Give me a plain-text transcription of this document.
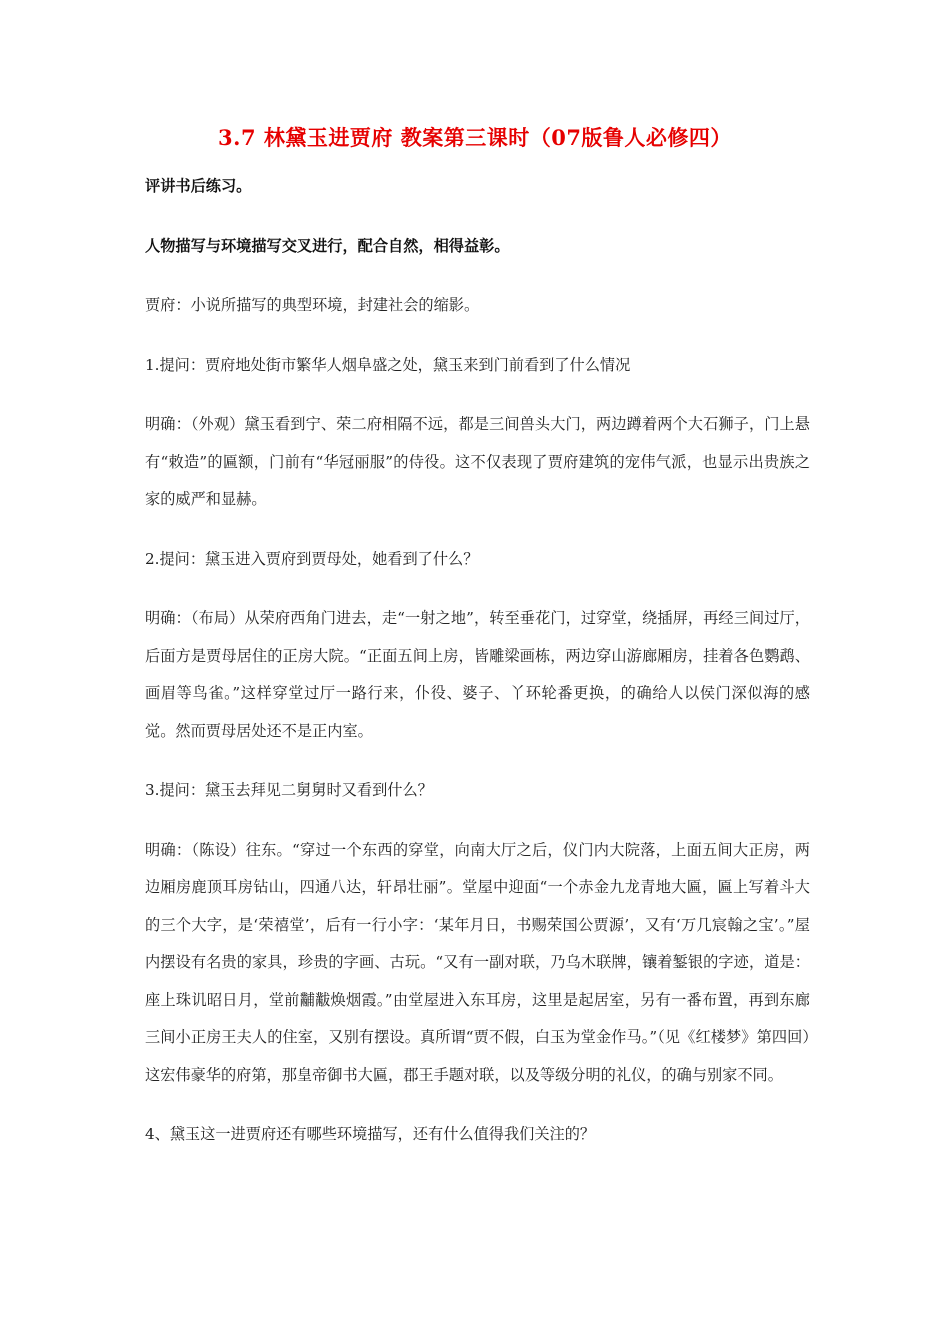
3.7 林黛玉进贾府 教案第三课时（07版鲁人必修四）

评讲书后练习。

人物描写与环境描写交叉进行，配合自然，相得益彰。

贾府：小说所描写的典型环境，封建社会的缩影。

1.提问：贾府地处街市繁华人烟阜盛之处，黛玉来到门前看到了什么情况

明确：（外观）黛玉看到宁、荣二府相隔不远，都是三间兽头大门，两边蹲着两个大石狮子，门上悬有“敕造”的匾额，门前有“华冠丽服”的侍役。这不仅表现了贾府建筑的宠伟气派，也显示出贵族之家的威严和显赫。

2.提问：黛玉进入贾府到贾母处，她看到了什么？

明确：（布局）从荣府西角门进去，走“一射之地”，转至垂花门，过穿堂，绕插屏，再经三间过厅，后面方是贾母居住的正房大院。“正面五间上房，皆雕梁画栋，两边穿山游廊厢房，挂着各色鹦鹉、画眉等鸟雀。”这样穿堂过厅一路行来，仆役、婆子、丫环轮番更换，的确给人以侯门深似海的感觉。然而贾母居处还不是正内室。

3.提问：黛玉去拜见二舅舅时又看到什么？

明确：（陈设）往东。“穿过一个东西的穿堂，向南大厅之后，仪门内大院落，上面五间大正房，两边厢房鹿顶耳房钻山，四通八达，轩昂壮丽”。堂屋中迎面“一个赤金九龙青地大匾，匾上写着斗大的三个大字，是‘荣禧堂’，后有一行小字：‘某年月日，书赐荣国公贾源’，又有‘万几宸翰之宝’。”屋内摆设有名贵的家具，珍贵的字画、古玩。“又有一副对联，乃乌木联牌，镶着錾银的字迹，道是：座上珠讥昭日月，堂前黼黻焕烟霞。”由堂屋进入东耳房，这里是起居室，另有一番布置，再到东廊三间小正房王夫人的住室，又别有摆设。真所谓“贾不假，白玉为堂金作马。”（见《红楼梦》第四回）这宏伟豪华的府第，那皇帝御书大匾，郡王手题对联，以及等级分明的礼仪，的确与别家不同。

4、黛玉这一进贾府还有哪些环境描写，还有什么值得我们关注的？
